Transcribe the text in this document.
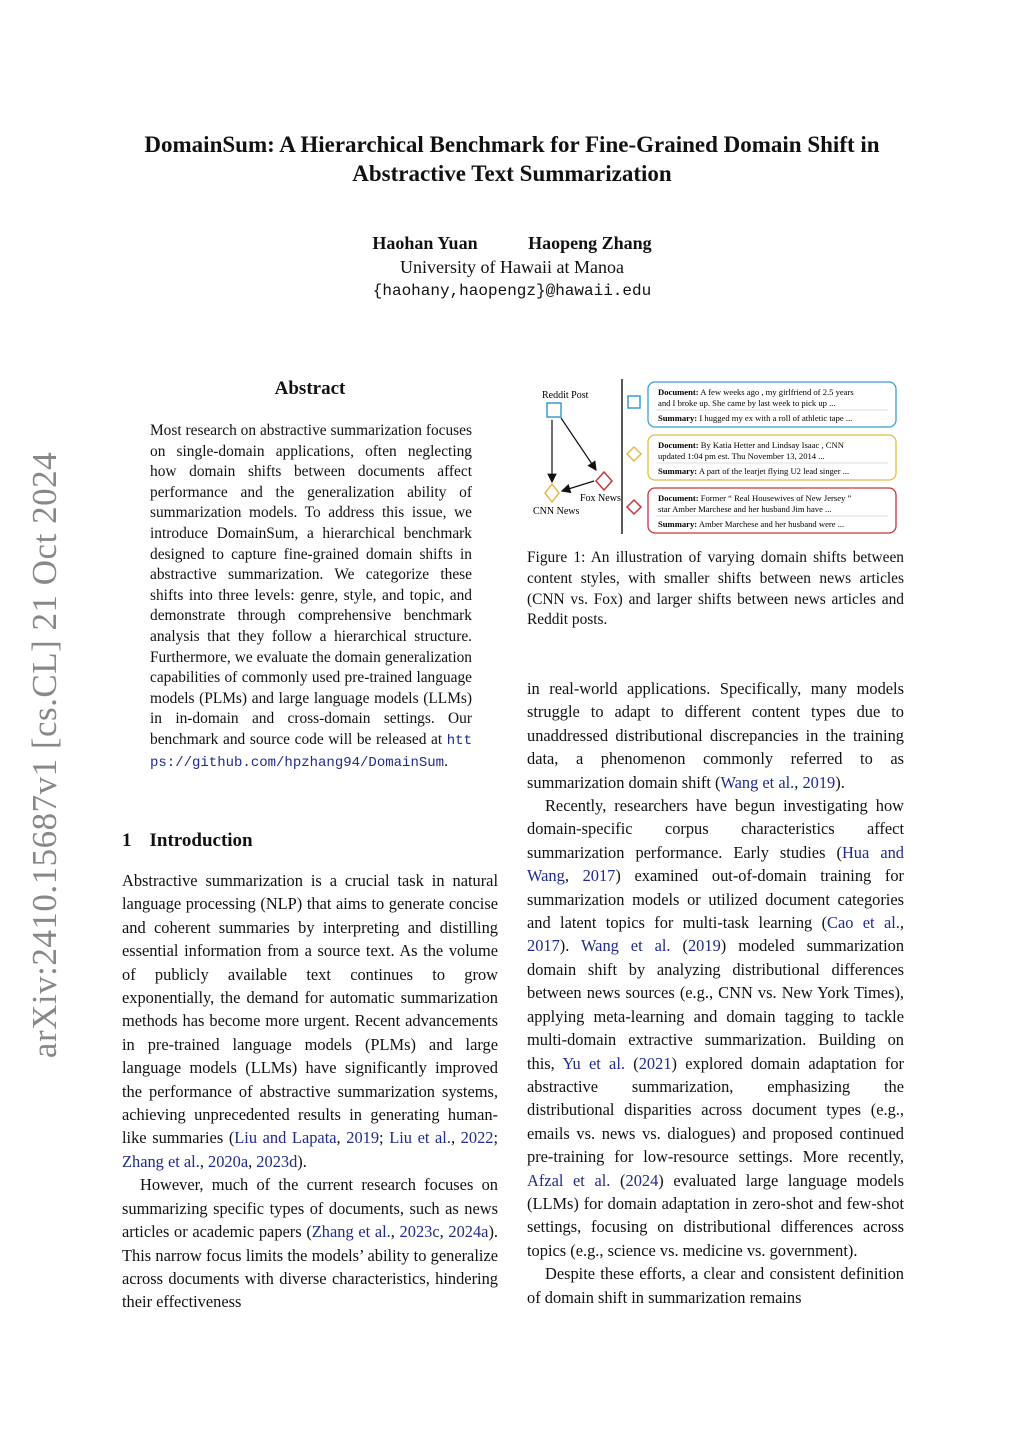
arXiv:2410.15687v1 [cs.CL] 21 Oct 2024
DomainSum: A Hierarchical Benchmark for Fine-Grained Domain Shift in
Abstractive Text Summarization
Haohan Yuan	Haopeng Zhang
University of Hawaii at Manoa
{haohany,haopengz}@hawaii.edu
Abstract

Most research on abstractive summarization focuses on single-domain applications, often neglecting how domain shifts between documents affect performance and the generalization ability of summarization models. To address this issue, we introduce DomainSum, a hierarchical benchmark designed to capture fine-grained domain shifts in abstractive summarization. We categorize these shifts into three levels: genre, style, and topic, and demonstrate through comprehensive benchmark analysis that they follow a hierarchical structure. Furthermore, we evaluate the domain generalization capabilities of commonly used pre-trained language models (PLMs) and large language models (LLMs) in in-domain and cross-domain settings. Our benchmark and source code will be released at https://github.com/hpzhang94/DomainSum.

1 Introduction

Abstractive summarization is a crucial task in natural language processing (NLP) that aims to generate concise and coherent summaries by interpreting and distilling essential information from a source text. As the volume of publicly available text continues to grow exponentially, the demand for automatic summarization methods has become more urgent. Recent advancements in pre-trained language models (PLMs) and large language models (LLMs) have significantly improved the performance of abstractive summarization systems, achieving unprecedented results in generating human-like summaries (Liu and Lapata, 2019; Liu et al., 2022; Zhang et al., 2020a, 2023d).

However, much of the current research focuses on summarizing specific types of documents, such as news articles or academic papers (Zhang et al., 2023c, 2024a). This narrow focus limits the models’ ability to generalize across documents with diverse characteristics, hindering their effectiveness

Reddit Post
CNN News
Fox News
Document: A few weeks ago , my girlfriend of 2.5 years
and I broke up. She came by last week to pick up ...
Summary: I hugged my ex with a roll of athletic tape ...
Document: By Katia Hetter and Lindsay Isaac , CNN
updated 1:04 pm est. Thu November 13, 2014 ...
Summary: A part of the learjet flying U2 lead singer ...
Document: Former “ Real Housewives of New Jersey ”
star Amber Marchese and her husband Jim have ...
Summary: Amber Marchese and her husband were ...

Figure 1: An illustration of varying domain shifts between content styles, with smaller shifts between news articles (CNN vs. Fox) and larger shifts between news articles and Reddit posts.

in real-world applications. Specifically, many models struggle to adapt to different content types due to unaddressed distributional discrepancies in the training data, a phenomenon commonly referred to as summarization domain shift (Wang et al., 2019).

Recently, researchers have begun investigating how domain-specific corpus characteristics affect summarization performance. Early studies (Hua and Wang, 2017) examined out-of-domain training for summarization models or utilized document categories and latent topics for multi-task learning (Cao et al., 2017). Wang et al. (2019) modeled summarization domain shift by analyzing distributional differences between news sources (e.g., CNN vs. New York Times), applying meta-learning and domain tagging to tackle multi-domain extractive summarization. Building on this, Yu et al. (2021) explored domain adaptation for abstractive summarization, emphasizing the distributional disparities across document types (e.g., emails vs. news vs. dialogues) and proposed continued pre-training for low-resource settings. More recently, Afzal et al. (2024) evaluated large language models (LLMs) for domain adaptation in zero-shot and few-shot settings, focusing on distributional differences across topics (e.g., science vs. medicine vs. government).

Despite these efforts, a clear and consistent definition of domain shift in summarization remains
